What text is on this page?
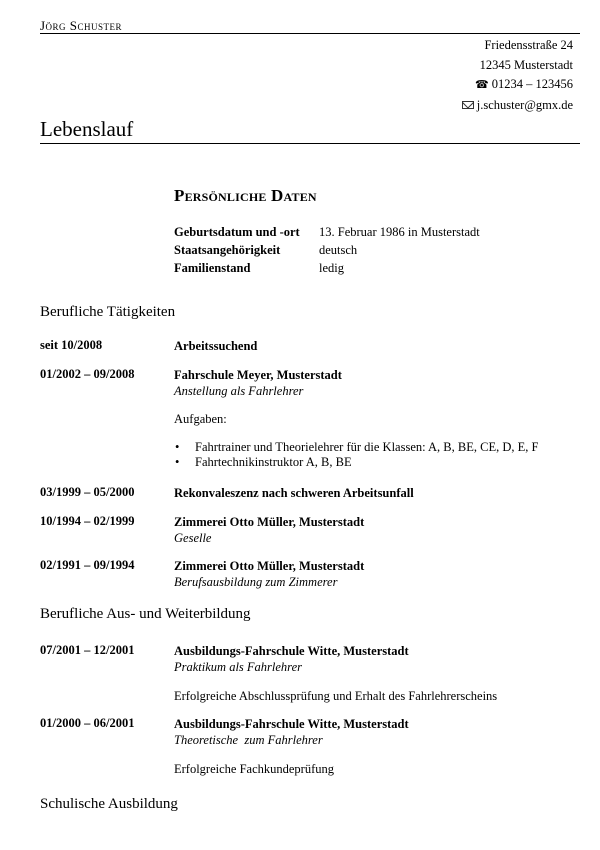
Jörg Schuster
Friedensstraße 24
12345 Musterstadt
☎ 01234 – 123456
j.schuster@gmx.de
Lebenslauf
Persönliche Daten
Geburtsdatum und -ort 13. Februar 1986 in Musterstadt
Staatsangehörigkeit	deutsch
Familienstand	ledig
Berufliche Tätigkeiten
seit 10/2008	Arbeitssuchend
01/2002 – 09/2008	Fahrschule Meyer, Musterstadt
Anstellung als Fahrlehrer
Aufgaben:
• Fahrtrainer und Theorielehrer für die Klassen: A, B, BE, CE, D, E, F
• Fahrtechnikinstruktor A, B, BE
03/1999 – 05/2000	Rekonvaleszenz nach schweren Arbeitsunfall
10/1994 – 02/1999	Zimmerei Otto Müller, Musterstadt
Geselle
02/1991 – 09/1994	Zimmerei Otto Müller, Musterstadt
Berufsausbildung zum Zimmerer
Berufliche Aus- und Weiterbildung
07/2001 – 12/2001	Ausbildungs-Fahrschule Witte, Musterstadt
Praktikum als Fahrlehrer
Erfolgreiche Abschlussprüfung und Erhalt des Fahrlehrerscheins
01/2000 – 06/2001	Ausbildungs-Fahrschule Witte, Musterstadt
Theoretische  zum Fahrlehrer
Erfolgreiche Fachkundeprüfung
Schulische Ausbildung
